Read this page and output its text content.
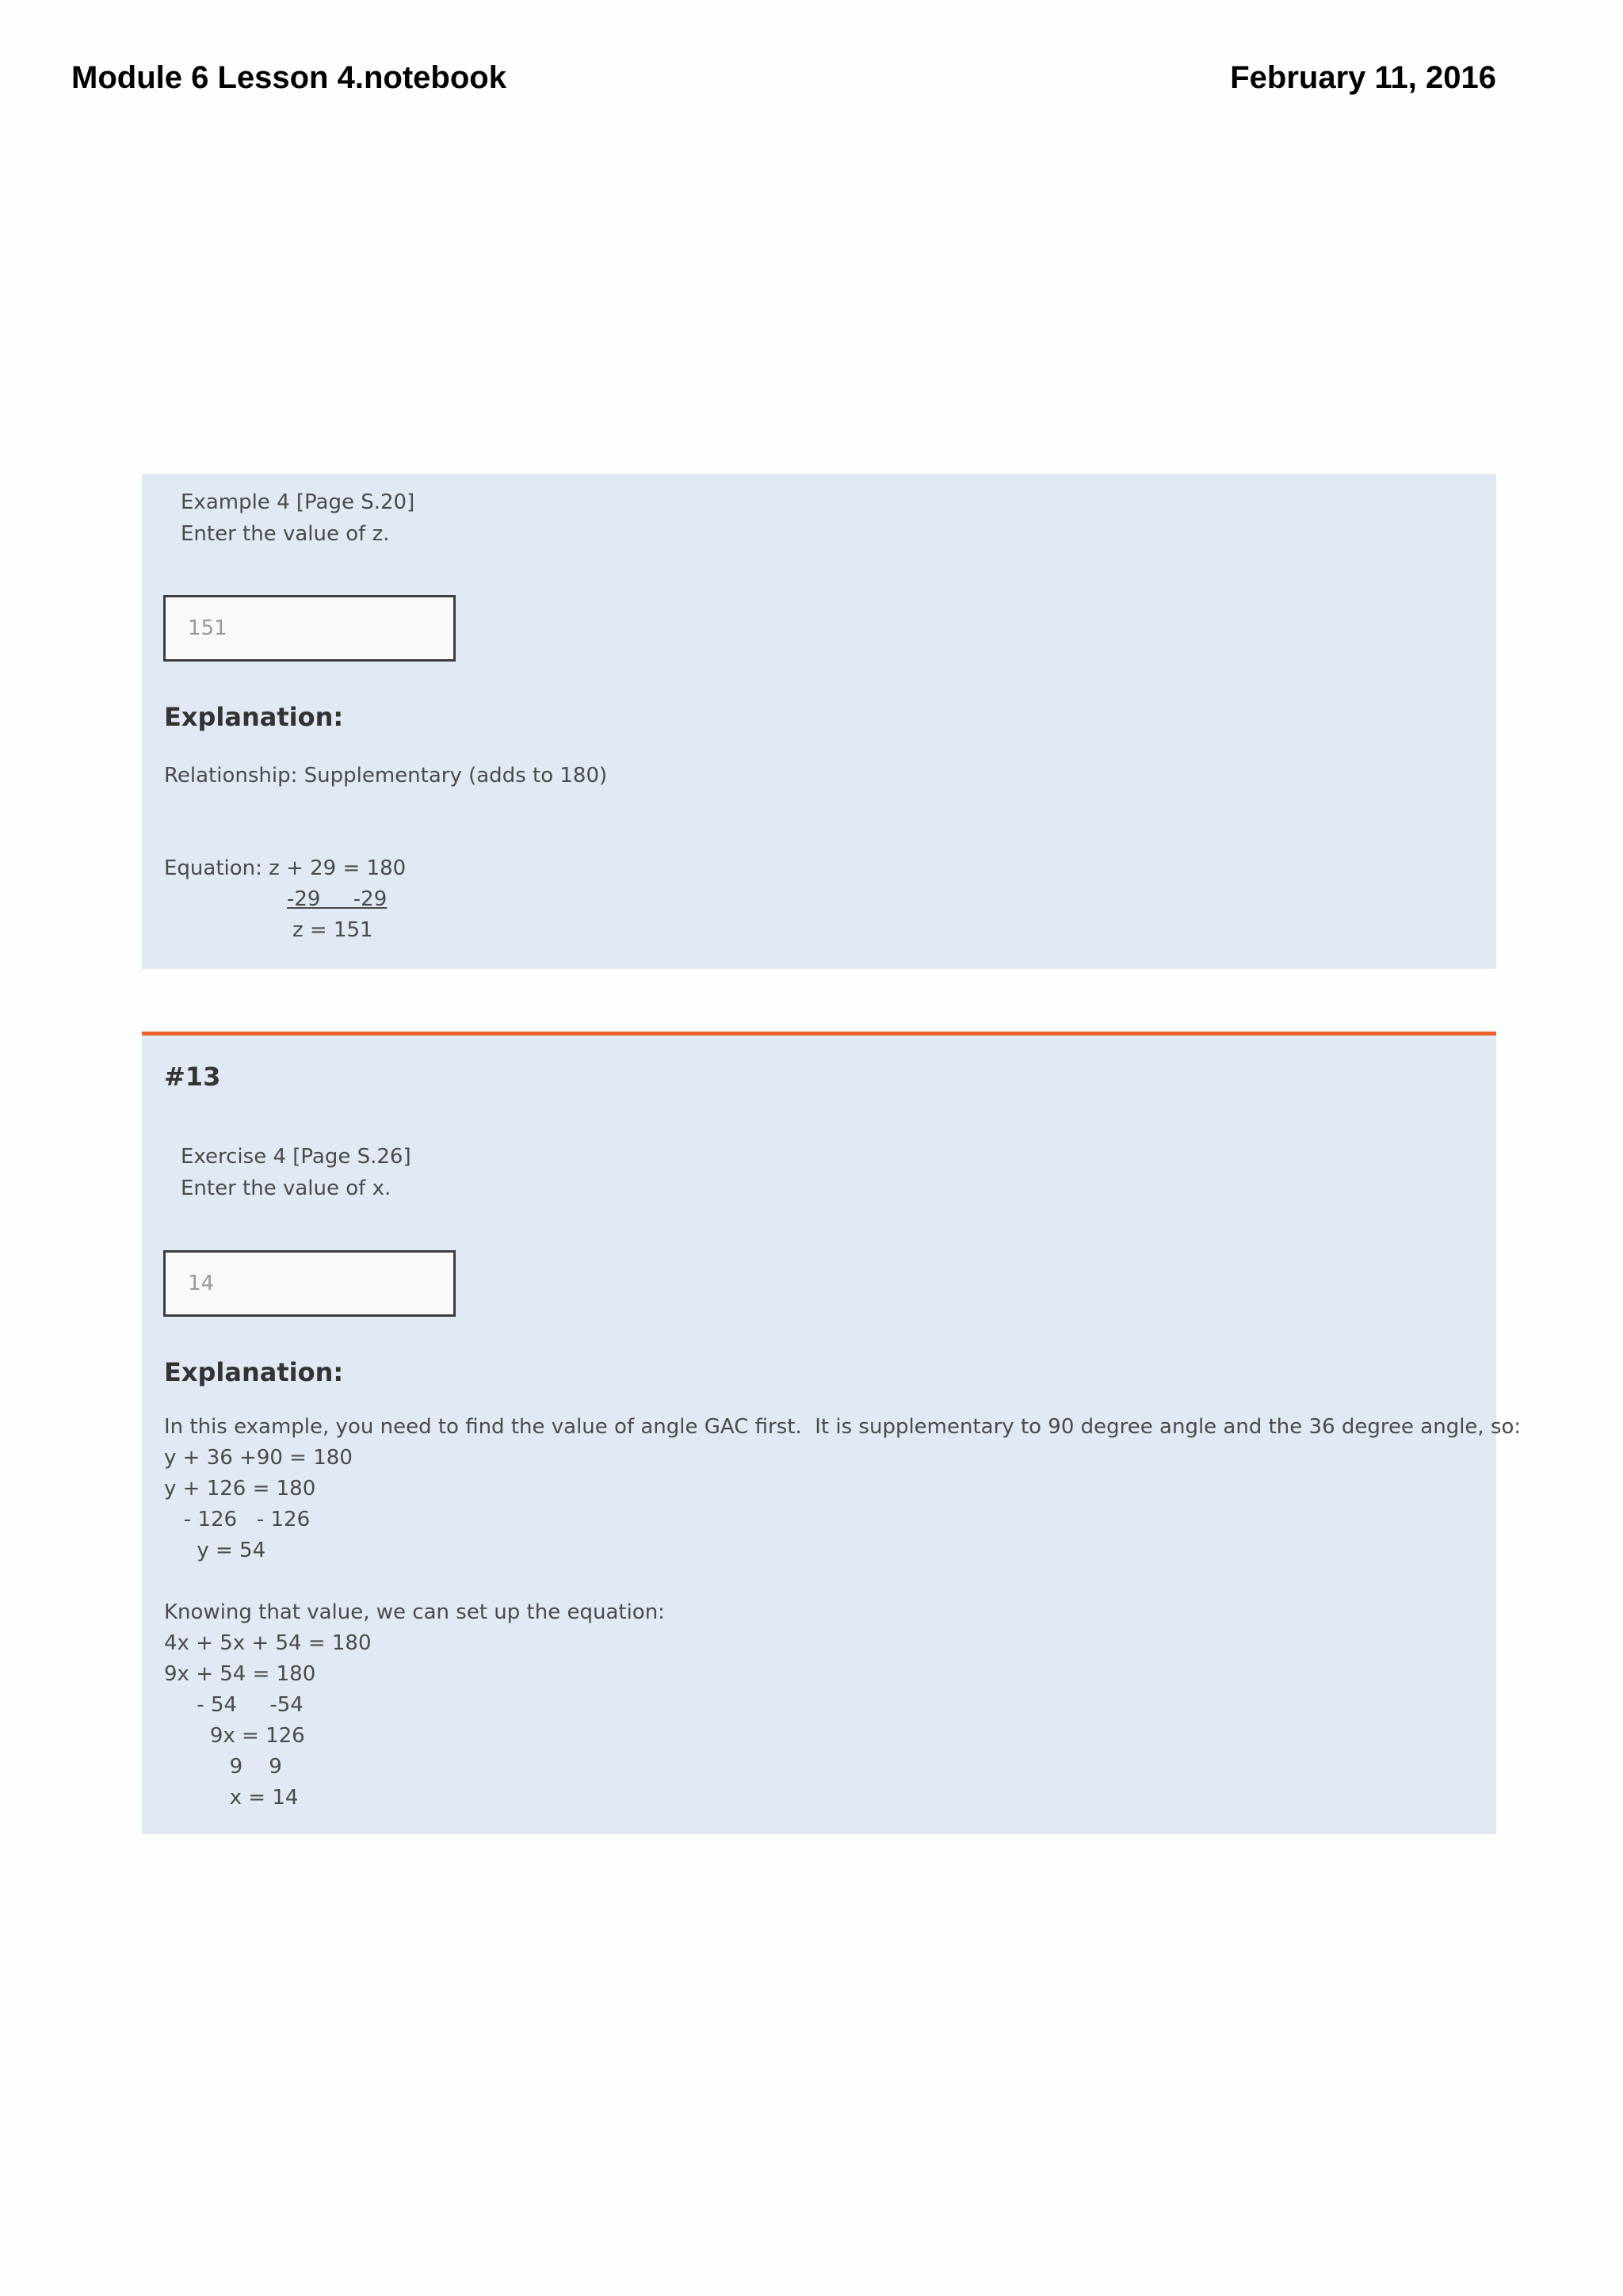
Module 6 Lesson 4.notebook	February 11, 2016
Example 4 [Page S.20]
Enter the value of z.
151
Explanation:
Relationship: Supplementary (adds to 180)
Equation: z + 29 = 180
-29     -29
z = 151
#13
Exercise 4 [Page S.26]
Enter the value of x.
14
Explanation:
In this example, you need to find the value of angle GAC first.  It is supplementary to 90 degree angle and the 36 degree angle, so:
y + 36 +90 = 180
y + 126 = 180
- 126   - 126
y = 54
Knowing that value, we can set up the equation:
4x + 5x + 54 = 180
9x + 54 = 180
- 54     -54
9x = 126
9    9
x = 14
